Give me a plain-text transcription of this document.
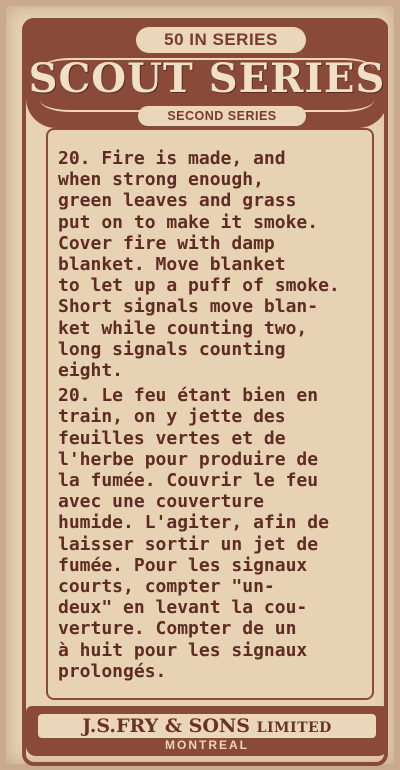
50 IN SERIES
SCOUT SERIES
SECOND SERIES

20. Fire is made, and
when strong enough,
green leaves and grass
put on to make it smoke.
Cover fire with damp
blanket. Move blanket
to let up a puff of smoke.
Short signals move blan-
ket while counting two,
long signals counting
eight.

20. Le feu étant bien en
train, on y jette des
feuilles vertes et de
l'herbe pour produire de
la fumée. Couvrir le feu
avec une couverture
humide. L'agiter, afin de
laisser sortir un jet de
fumée. Pour les signaux
courts, compter "un-
deux" en levant la cou-
verture. Compter de un
à huit pour les signaux
prolongés.

J.S.FRY & SONS LIMITED
MONTREAL
